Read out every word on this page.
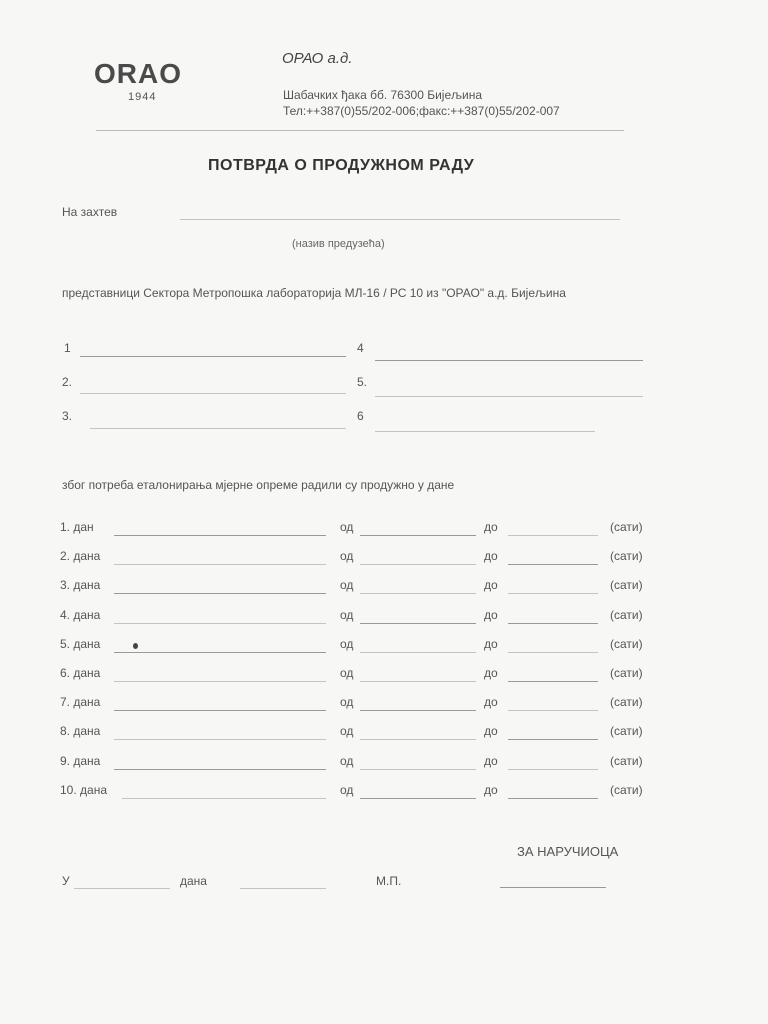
ORAO
1944
ОРАО а.д.
Шабачких ђака бб. 76300 Бијељина
Тел:++387(0)55/202-006;факс:++387(0)55/202-007
ПОТВРДА О ПРОДУЖНОМ РАДУ
На захтев
(назив предузећа)
представници Сектора Метропошка лабораторија МЛ-16 / РС 10 из "ОРАО" а.д. Бијељина
1	4
2.	5.
3.	6
због потреба еталонирања мјерне опреме радили су продужно у дане
1. дан	од	до	(сати)
2. дана	од	до	(сати)
3. дана	од	до	(сати)
4. дана	од	до	(сати)
5. дана	од	до	(сати)
6. дана	од	до	(сати)
7. дана	од	до	(сати)
8. дана	од	до	(сати)
9. дана	од	до	(сати)
10. дана	од	до	(сати)
ЗА НАРУЧИОЦА
У	дана	М.П.
